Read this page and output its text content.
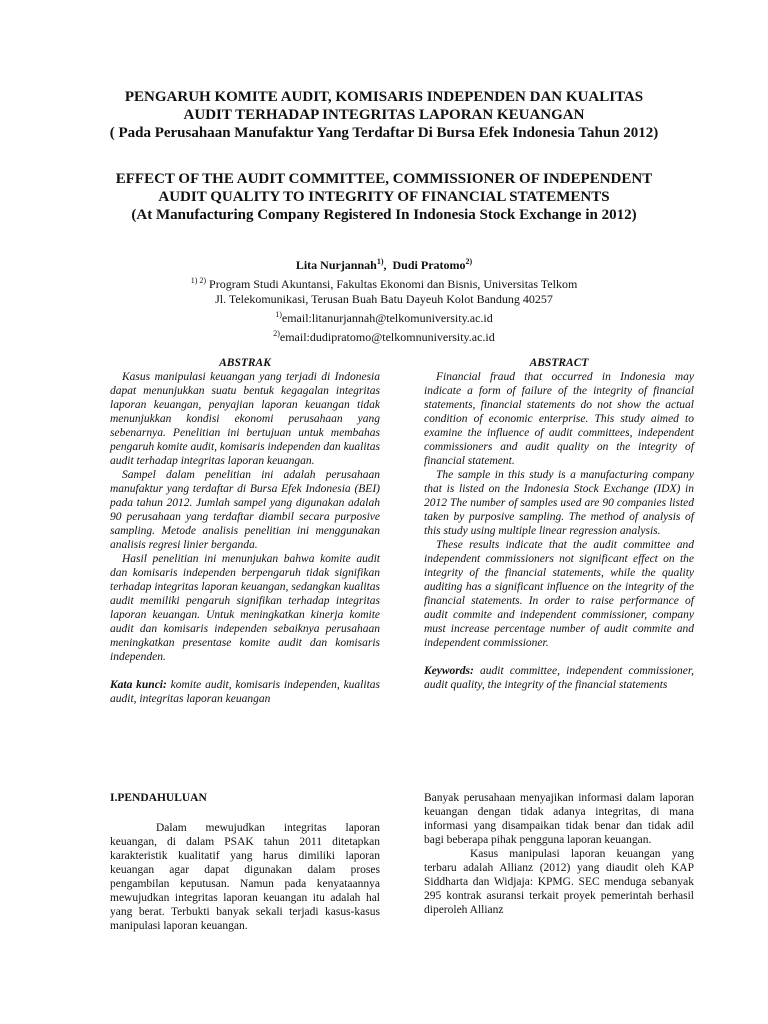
PENGARUH KOMITE AUDIT, KOMISARIS INDEPENDEN DAN KUALITAS
AUDIT TERHADAP INTEGRITAS LAPORAN KEUANGAN
( Pada Perusahaan Manufaktur Yang Terdaftar Di Bursa Efek Indonesia Tahun 2012)
EFFECT OF THE AUDIT COMMITTEE, COMMISSIONER OF INDEPENDENT
AUDIT QUALITY TO INTEGRITY OF FINANCIAL STATEMENTS
(At Manufacturing Company Registered In Indonesia Stock Exchange in 2012)
Lita Nurjannah$^{1)}$,  Dudi Pratomo$^{2)}$
$^{1) 2)}$ Program Studi Akuntansi, Fakultas Ekonomi dan Bisnis, Universitas Telkom
Jl. Telekomunikasi, Terusan Buah Batu Dayeuh Kolot Bandung 40257
$^{1)}$email:litanurjannah@telkomuniversity.ac.id
$^{2)}$email:dudipratomo@telkomnuniversity.ac.id
ABSTRAK

Kasus manipulasi keuangan yang terjadi di Indonesia dapat menunjukkan suatu bentuk kegagalan integritas laporan keuangan, penyajian laporan keuangan tidak menunjukkan kondisi ekonomi perusahaan yang sebenarnya. Penelitian ini bertujuan untuk membahas pengaruh komite audit, komisaris independen dan kualitas audit terhadap integritas laporan keuangan.

Sampel dalam penelitian ini adalah perusahaan manufaktur yang terdaftar di Bursa Efek Indonesia (BEI) pada tahun 2012. Jumlah sampel yang digunakan adalah 90 perusahaan yang terdaftar diambil secara purposive sampling. Metode analisis penelitian ini menggunakan analisis regresi linier berganda.

Hasil penelitian ini menunjukan bahwa komite audit dan komisaris independen berpengaruh tidak signifikan terhadap integritas laporan keuangan, sedangkan kualitas audit memiliki pengaruh signifikan terhadap integritas laporan keuangan. Untuk meningkatkan kinerja komite audit dan komisaris independen sebaiknya perusahaan meningkatkan presentase komite audit dan komisaris independen.

Kata kunci: komite audit, komisaris independen, kualitas audit, integritas laporan keuangan

ABSTRACT

Financial fraud that occurred in Indonesia may indicate a form of failure of the integrity of financial statements, financial statements do not show the actual condition of economic enterprise. This study aimed to examine the influence of audit committees, independent commissioners and audit quality on the integrity of financial statement.

The sample in this study is a manufacturing company that is listed on the Indonesia Stock Exchange (IDX) in 2012 The number of samples used are 90 companies listed taken by purposive sampling. The method of analysis of this study using multiple linear regression analysis.

These results indicate that the audit committee and independent commissioners not significant effect on the integrity of the financial statements, while the quality auditing has a significant influence on the integrity of the financial statements. In order to raise performance of audit commite and independent commissioner, company must increase percentage number of audit commite and independent commissioner.

Keywords: audit committee, independent commissioner, audit quality, the integrity of the financial statements

I.PENDAHULUAN

Dalam mewujudkan integritas laporan keuangan, di dalam PSAK tahun 2011 ditetapkan karakteristik kualitatif yang harus dimiliki laporan keuangan agar dapat digunakan dalam proses pengambilan keputusan. Namun pada kenyataannya mewujudkan integritas laporan keuangan itu adalah hal yang berat. Terbukti banyak sekali terjadi kasus-kasus manipulasi laporan keuangan.

Banyak perusahaan menyajikan informasi dalam laporan keuangan dengan tidak adanya integritas, di mana informasi yang disampaikan tidak benar dan tidak adil bagi beberapa pihak pengguna laporan keuangan.

Kasus manipulasi laporan keuangan yang terbaru adalah Allianz (2012) yang diaudit oleh KAP Siddharta dan Widjaja: KPMG. SEC menduga sebanyak 295 kontrak asuransi terkait proyek pemerintah berhasil diperoleh Allianz
